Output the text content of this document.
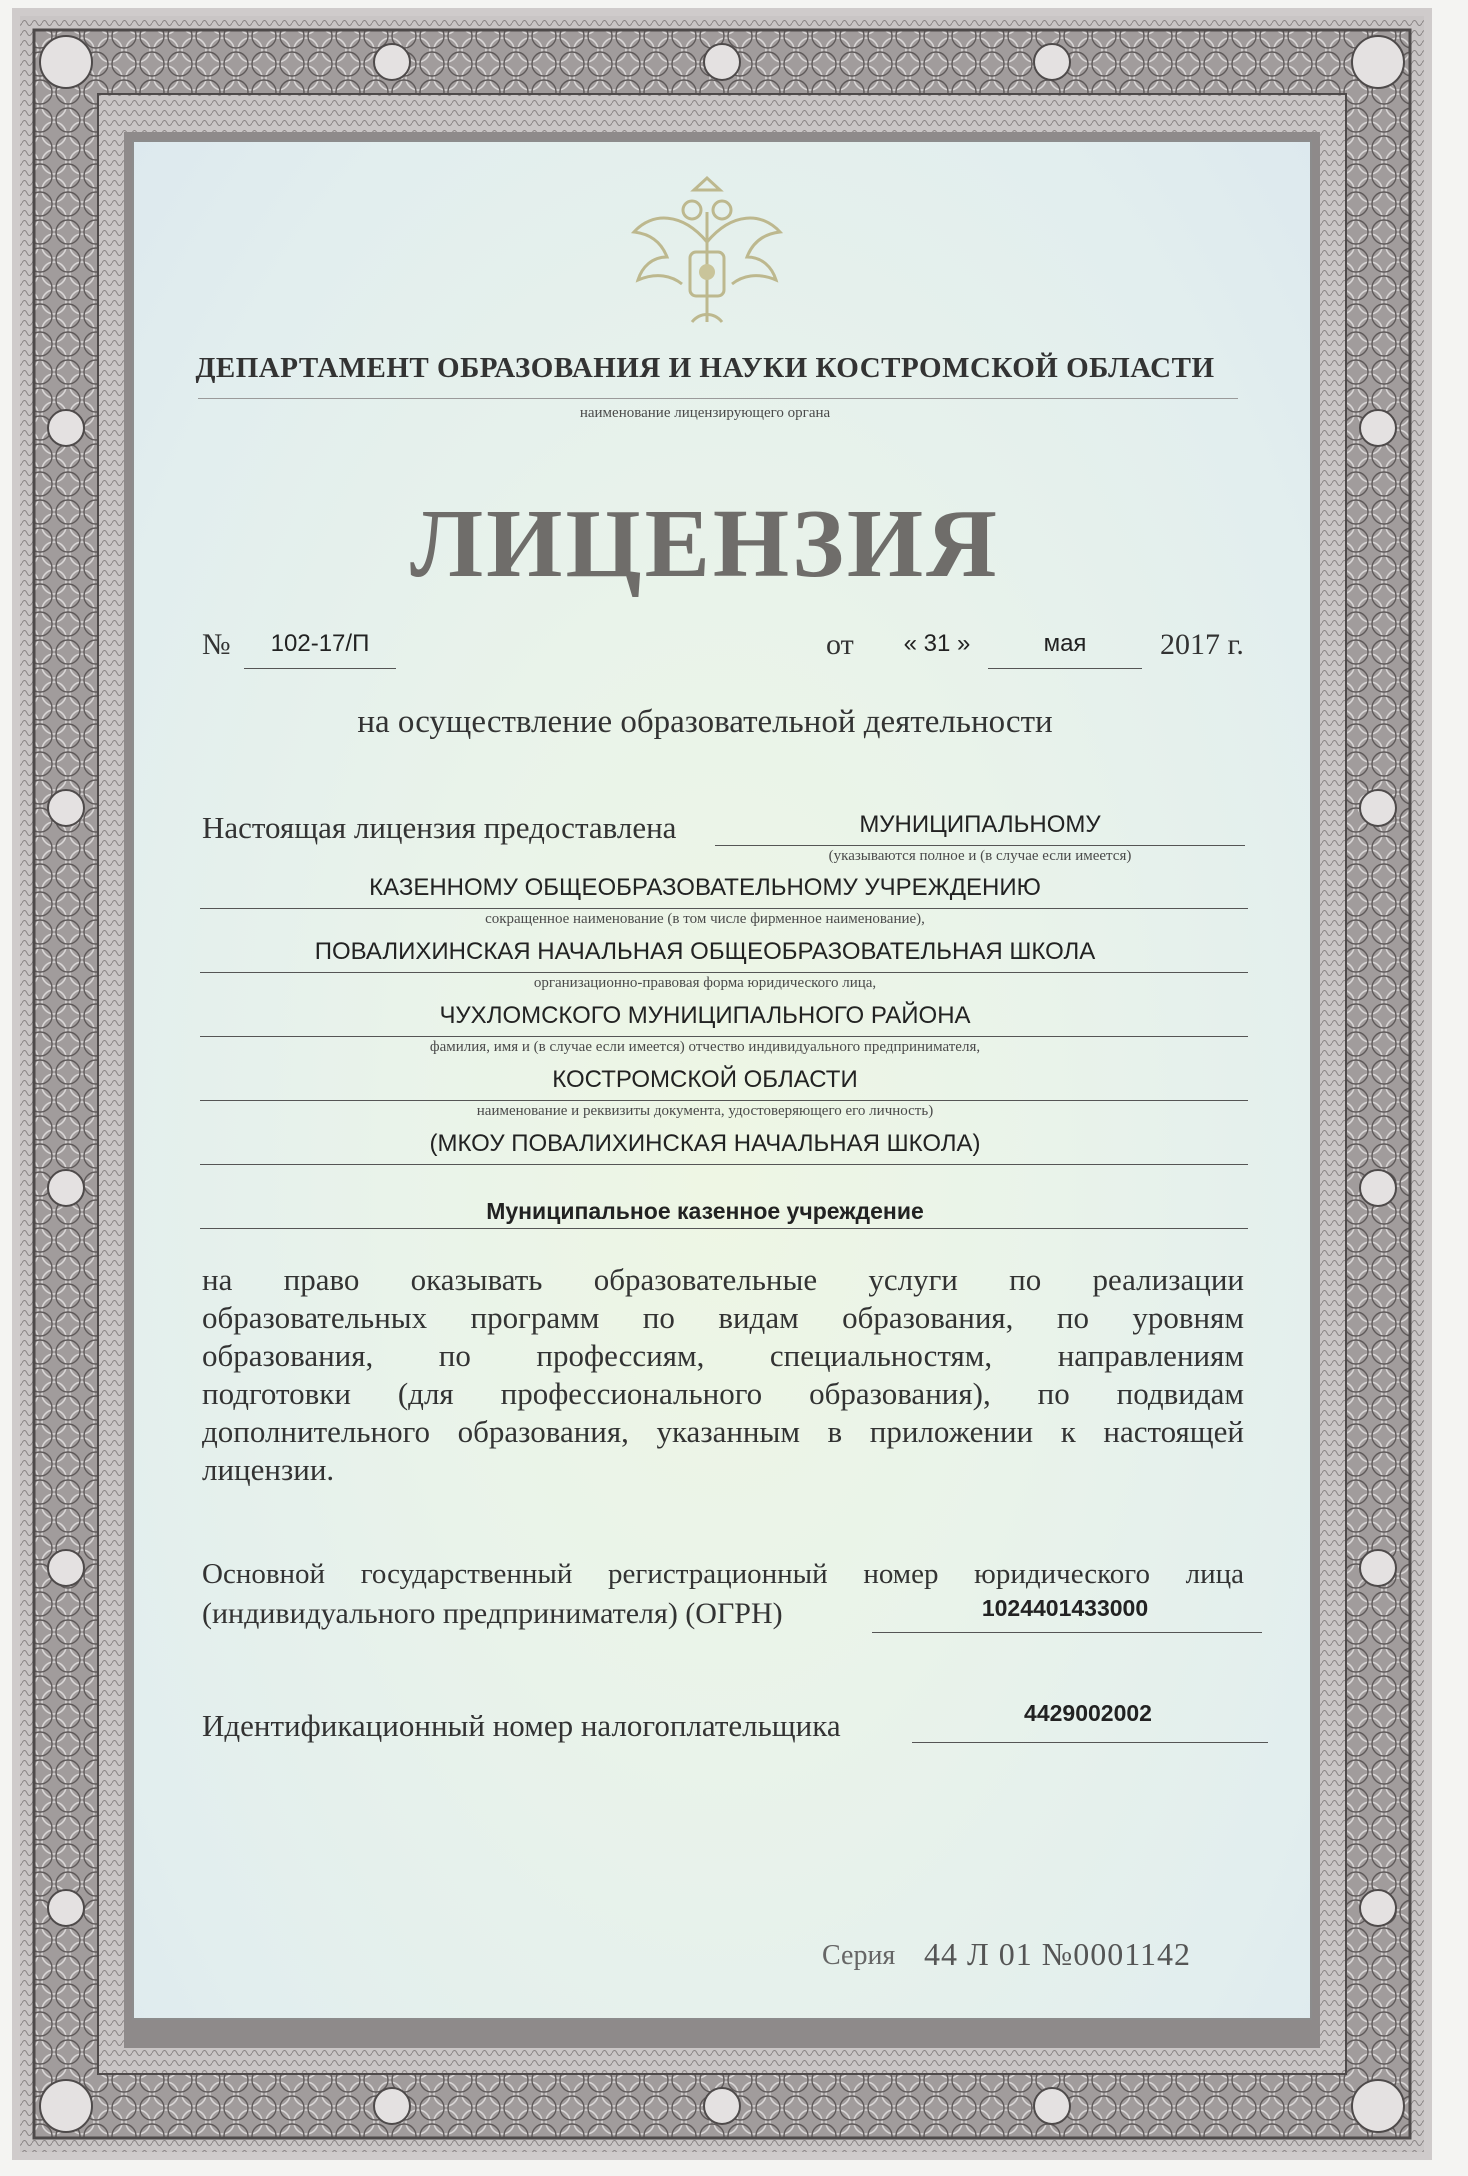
ДЕПАРТАМЕНТ ОБРАЗОВАНИЯ И НАУКИ КОСТРОМСКОЙ ОБЛАСТИ
наименование лицензирующего органа
ЛИЦЕНЗИЯ
№	102-17/П	от	« 31 »	мая	2017 г.
на осуществление образовательной деятельности
Настоящая лицензия предоставлена	МУНИЦИПАЛЬНОМУ
(указываются полное и (в случае если имеется)
КАЗЕННОМУ ОБЩЕОБРАЗОВАТЕЛЬНОМУ УЧРЕЖДЕНИЮ
сокращенное наименование (в том числе фирменное наименование),
ПОВАЛИХИНСКАЯ НАЧАЛЬНАЯ ОБЩЕОБРАЗОВАТЕЛЬНАЯ ШКОЛА
организационно-правовая форма юридического лица,
ЧУХЛОМСКОГО МУНИЦИПАЛЬНОГО РАЙОНА
фамилия, имя и (в случае если имеется) отчество индивидуального предпринимателя,
КОСТРОМСКОЙ ОБЛАСТИ
наименование и реквизиты документа, удостоверяющего его личность)
(МКОУ ПОВАЛИХИНСКАЯ НАЧАЛЬНАЯ ШКОЛА)
Муниципальное казенное учреждение
на право оказывать образовательные услуги по реализации
образовательных программ по видам образования, по уровням
образования, по профессиям, специальностям, направлениям
подготовки (для профессионального образования), по подвидам
дополнительного образования, указанным в приложении к настоящей
лицензии.
Основной государственный регистрационный номер юридического лица
(индивидуального предпринимателя) (ОГРН)	1024401433000
Идентификационный номер налогоплательщика	4429002002
Серия 44 Л 01 №0001142
